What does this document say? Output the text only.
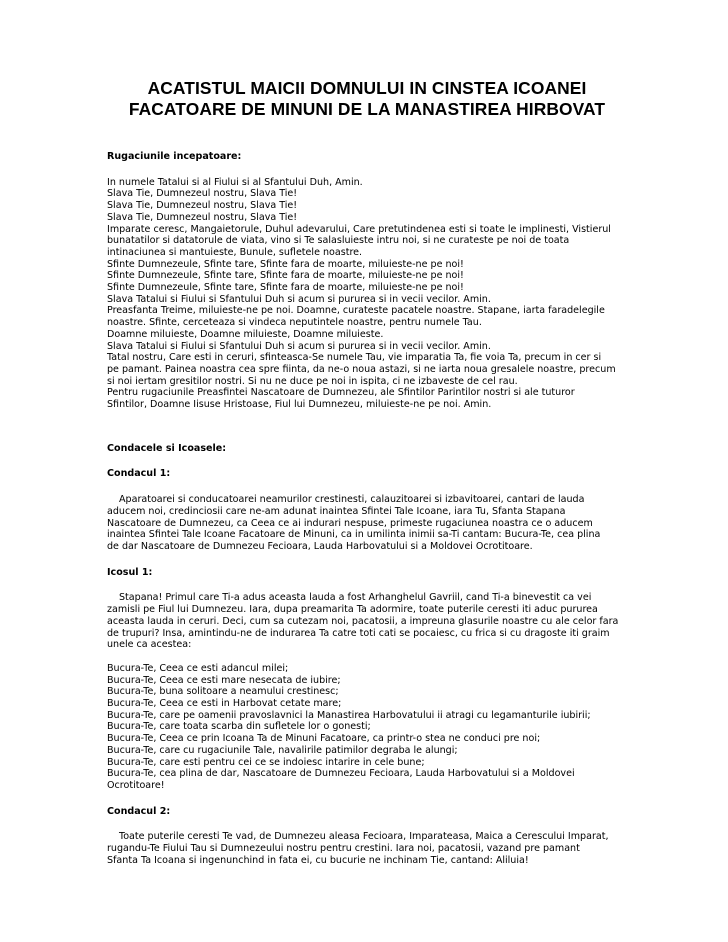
ACATISTUL MAICII DOMNULUI IN CINSTEA ICOANEI
FACATOARE DE MINUNI DE LA MANASTIREA HIRBOVAT

Rugaciunile incepatoare:

In numele Tatalui si al Fiului si al Sfantului Duh, Amin.
Slava Tie, Dumnezeul nostru, Slava Tie!
Slava Tie, Dumnezeul nostru, Slava Tie!
Slava Tie, Dumnezeul nostru, Slava Tie!
Imparate ceresc, Mangaietorule, Duhul adevarului, Care pretutindenea esti si toate le implinesti, Vistierul
bunatatilor si datatorule de viata, vino si Te salasluieste intru noi, si ne curateste pe noi de toata
intinaciunea si mantuieste, Bunule, sufletele noastre.
Sfinte Dumnezeule, Sfinte tare, Sfinte fara de moarte, miluieste-ne pe noi!
Sfinte Dumnezeule, Sfinte tare, Sfinte fara de moarte, miluieste-ne pe noi!
Sfinte Dumnezeule, Sfinte tare, Sfinte fara de moarte, miluieste-ne pe noi!
Slava Tatalui si Fiului si Sfantului Duh si acum si pururea si in vecii vecilor. Amin.
Preasfanta Treime, miluieste-ne pe noi. Doamne, curateste pacatele noastre. Stapane, iarta faradelegile
noastre. Sfinte, cerceteaza si vindeca neputintele noastre, pentru numele Tau.
Doamne miluieste, Doamne miluieste, Doamne miluieste.
Slava Tatalui si Fiului si Sfantului Duh si acum si pururea si in vecii vecilor. Amin.
Tatal nostru, Care esti in ceruri, sfinteasca-Se numele Tau, vie imparatia Ta, fie voia Ta, precum in cer si
pe pamant. Painea noastra cea spre fiinta, da ne-o noua astazi, si ne iarta noua gresalele noastre, precum
si noi iertam gresitilor nostri. Si nu ne duce pe noi in ispita, ci ne izbaveste de cel rau.
Pentru rugaciunile Preasfintei Nascatoare de Dumnezeu, ale Sfintilor Parintilor nostri si ale tuturor
Sfintilor, Doamne Iisuse Hristoase, Fiul lui Dumnezeu, miluieste-ne pe noi. Amin.

Condacele si Icoasele:

Condacul 1:

Aparatoarei si conducatoarei neamurilor crestinesti, calauzitoarei si izbavitoarei, cantari de lauda
aducem noi, credinciosii care ne-am adunat inaintea Sfintei Tale Icoane, iara Tu, Sfanta Stapana
Nascatoare de Dumnezeu, ca Ceea ce ai indurari nespuse, primeste rugaciunea noastra ce o aducem
inaintea Sfintei Tale Icoane Facatoare de Minuni, ca in umilinta inimii sa-Ti cantam: Bucura-Te, cea plina
de dar Nascatoare de Dumnezeu Fecioara, Lauda Harbovatului si a Moldovei Ocrotitoare.

Icosul 1:

Stapana! Primul care Ti-a adus aceasta lauda a fost Arhanghelul Gavriil, cand Ti-a binevestit ca vei
zamisli pe Fiul lui Dumnezeu. Iara, dupa preamarita Ta adormire, toate puterile ceresti iti aduc pururea
aceasta lauda in ceruri. Deci, cum sa cutezam noi, pacatosii, a impreuna glasurile noastre cu ale celor fara
de trupuri? Insa, amintindu-ne de indurarea Ta catre toti cati se pocaiesc, cu frica si cu dragoste iti graim
unele ca acestea:
Bucura-Te, Ceea ce esti adancul milei;
Bucura-Te, Ceea ce esti mare nesecata de iubire;
Bucura-Te, buna solitoare a neamului crestinesc;
Bucura-Te, Ceea ce esti in Harbovat cetate mare;
Bucura-Te, care pe oamenii pravoslavnici la Manastirea Harbovatului ii atragi cu legamanturile iubirii;
Bucura-Te, care toata scarba din sufletele lor o gonesti;
Bucura-Te, Ceea ce prin Icoana Ta de Minuni Facatoare, ca printr-o stea ne conduci pre noi;
Bucura-Te, care cu rugaciunile Tale, navalirile patimilor degraba le alungi;
Bucura-Te, care esti pentru cei ce se indoiesc intarire in cele bune;
Bucura-Te, cea plina de dar, Nascatoare de Dumnezeu Fecioara, Lauda Harbovatului si a Moldovei
Ocrotitoare!

Condacul 2:

Toate puterile ceresti Te vad, de Dumnezeu aleasa Fecioara, Imparateasa, Maica a Cerescului Imparat,
rugandu-Te Fiului Tau si Dumnezeului nostru pentru crestini. Iara noi, pacatosii, vazand pre pamant
Sfanta Ta Icoana si ingenunchind in fata ei, cu bucurie ne inchinam Tie, cantand: Aliluia!
